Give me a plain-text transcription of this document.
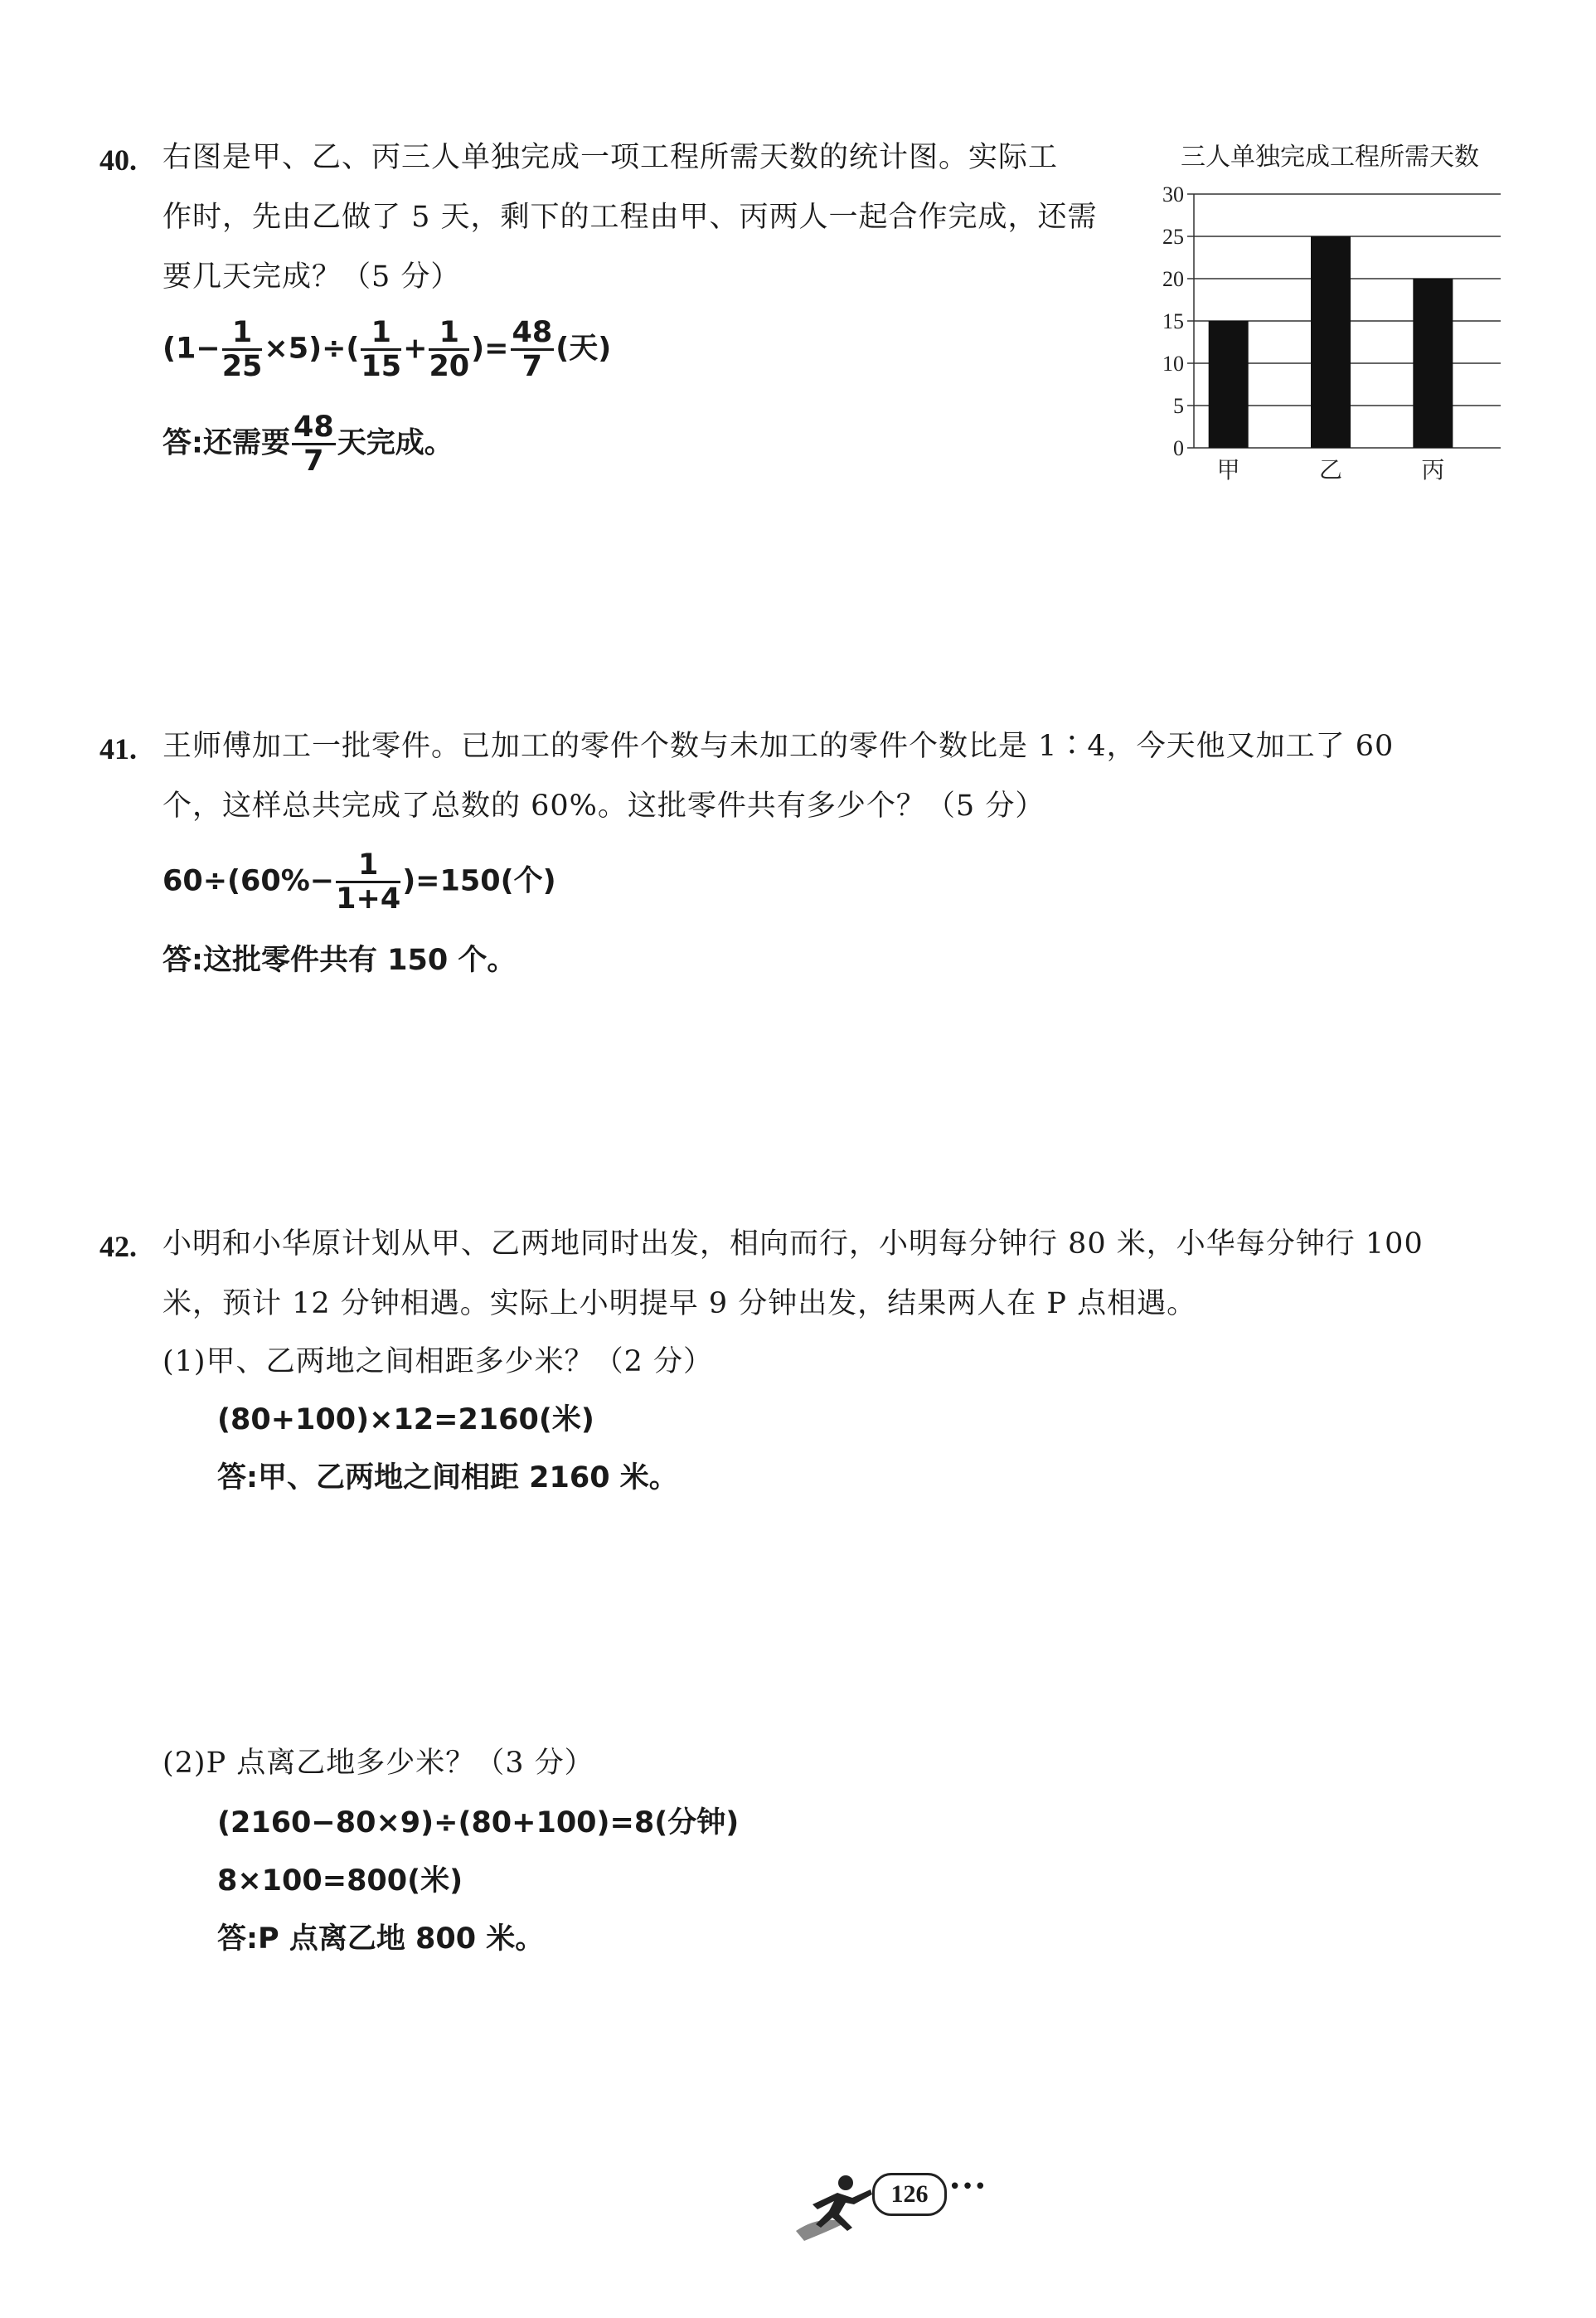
40. 右图是甲、乙、丙三人单独完成一项工程所需天数的统计图。实际工
作时，先由乙做了 5 天，剩下的工程由甲、丙两人一起合作完成，还需
要几天完成？（5 分）
$(1- \frac{1}{25} \times 5)\div( \frac{1}{15} + \frac{1}{20}$ )= $\frac{48}{7}$ (天)
答:还需要 $\frac{48}{7}$ 天完成。
三人单独完成工程所需天数
0
5
10
15
20
25
30
甲	乙	丙
41. 王师傅加工一批零件。已加工的零件个数与未加工的零件个数比是 1∶4，今天他又加工了 60
个，这样总共完成了总数的 60%。这批零件共有多少个？（5 分）
$60\div(60\%- \frac{1}{1+4} )=150$(个)
答:这批零件共有 150 个。
42. 小明和小华原计划从甲、乙两地同时出发，相向而行，小明每分钟行 80 米，小华每分钟行 100
米，预计 12 分钟相遇。实际上小明提早 9 分钟出发，结果两人在 P 点相遇。
(1)甲、乙两地之间相距多少米？（2 分）
(80+100)×12=2160(米)
答:甲、乙两地之间相距 2160 米。
(2)P 点离乙地多少米？（3 分）
(2160−80×9)÷(80+100)=8(分钟)
8×100=800(米)
答:P 点离乙地 800 米。
126 •••
